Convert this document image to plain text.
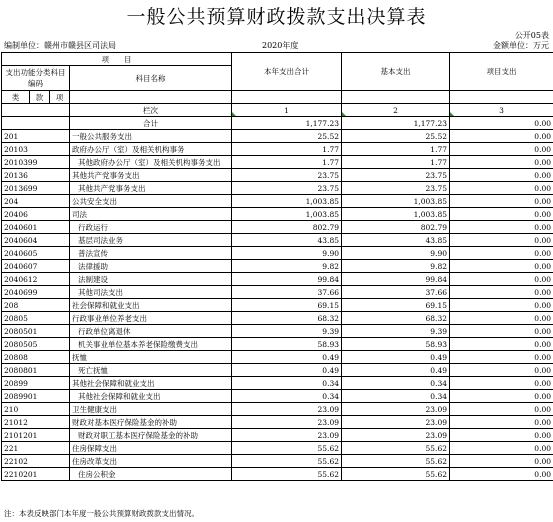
一般公共预算财政拨款支出决算表
公开05表
编制单位：赣州市赣县区司法局	2020年度	金额单位：万元
项　　目				本年支出合计	基本支出	项目支出
支出功能分类科目编码			科目名称			

类	款	项				

			栏次	1	2	3
			合计	1,177.23	1,177.23	0.00
201			一般公共服务支出	25.52	25.52	0.00
20103			政府办公厅（室）及相关机构事务	1.77	1.77	0.00
2010399			其他政府办公厅（室）及相关机构事务支出	1.77	1.77	0.00
20136			其他共产党事务支出	23.75	23.75	0.00
2013699			其他共产党事务支出	23.75	23.75	0.00
204			公共安全支出	1,003.85	1,003.85	0.00
20406			司法	1,003.85	1,003.85	0.00
2040601			行政运行	802.79	802.79	0.00
2040604			基层司法业务	43.85	43.85	0.00
2040605			普法宣传	9.90	9.90	0.00
2040607			法律援助	9.82	9.82	0.00
2040612			法制建设	99.84	99.84	0.00
2040699			其他司法支出	37.66	37.66	0.00
208			社会保障和就业支出	69.15	69.15	0.00
20805			行政事业单位养老支出	68.32	68.32	0.00
2080501			行政单位离退休	9.39	9.39	0.00
2080505			机关事业单位基本养老保险缴费支出	58.93	58.93	0.00
20808			抚恤	0.49	0.49	0.00
2080801			死亡抚恤	0.49	0.49	0.00
20899			其他社会保障和就业支出	0.34	0.34	0.00
2089901			其他社会保障和就业支出	0.34	0.34	0.00
210			卫生健康支出	23.09	23.09	0.00
21012			财政对基本医疗保险基金的补助	23.09	23.09	0.00
2101201			财政对职工基本医疗保险基金的补助	23.09	23.09	0.00
221			住房保障支出	55.62	55.62	0.00
22102			住房改革支出	55.62	55.62	0.00
2210201			住房公积金	55.62	55.62	0.00
注：本表反映部门本年度一般公共预算财政拨款支出情况。
